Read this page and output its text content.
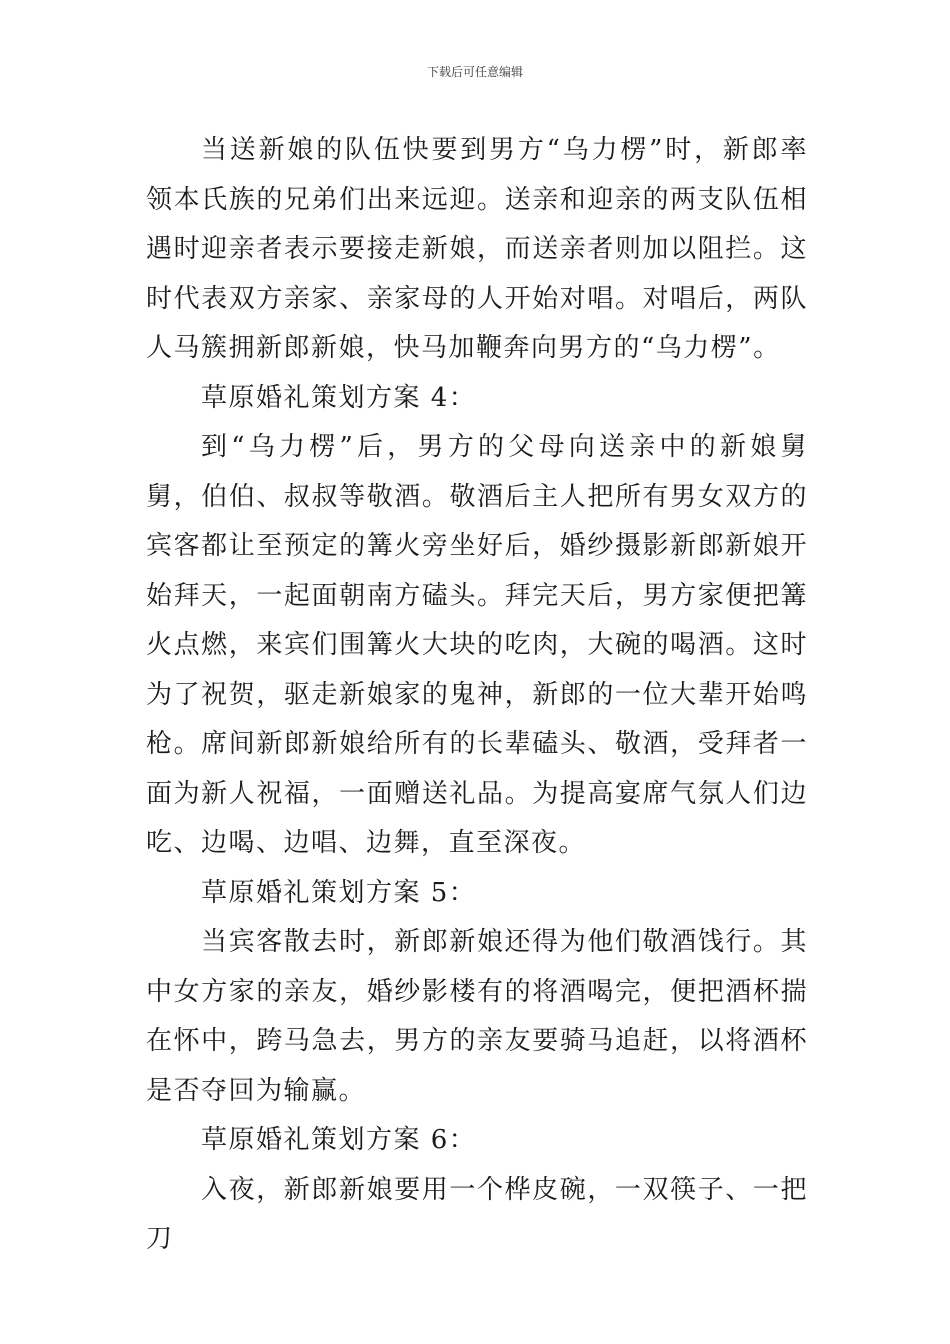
下载后可任意编辑

当送新娘的队伍快要到男方“乌力楞”时，新郎率领本氏族的兄弟们出来远迎。送亲和迎亲的两支队伍相遇时迎亲者表示要接走新娘，而送亲者则加以阻拦。这时代表双方亲家、亲家母的人开始对唱。对唱后，两队人马簇拥新郎新娘，快马加鞭奔向男方的“乌力楞”。

草原婚礼策划方案 4：

到“乌力楞”后，男方的父母向送亲中的新娘舅舅，伯伯、叔叔等敬酒。敬酒后主人把所有男女双方的宾客都让至预定的篝火旁坐好后，婚纱摄影新郎新娘开始拜天，一起面朝南方磕头。拜完天后，男方家便把篝火点燃，来宾们围篝火大块的吃肉，大碗的喝酒。这时为了祝贺，驱走新娘家的鬼神，新郎的一位大辈开始鸣枪。席间新郎新娘给所有的长辈磕头、敬酒，受拜者一面为新人祝福，一面赠送礼品。为提高宴席气氛人们边吃、边喝、边唱、边舞，直至深夜。

草原婚礼策划方案 5：

当宾客散去时，新郎新娘还得为他们敬酒饯行。其中女方家的亲友，婚纱影楼有的将酒喝完，便把酒杯揣在怀中，跨马急去，男方的亲友要骑马追赶，以将酒杯是否夺回为输赢。

草原婚礼策划方案 6：

入夜，新郎新娘要用一个桦皮碗，一双筷子、一把刀
